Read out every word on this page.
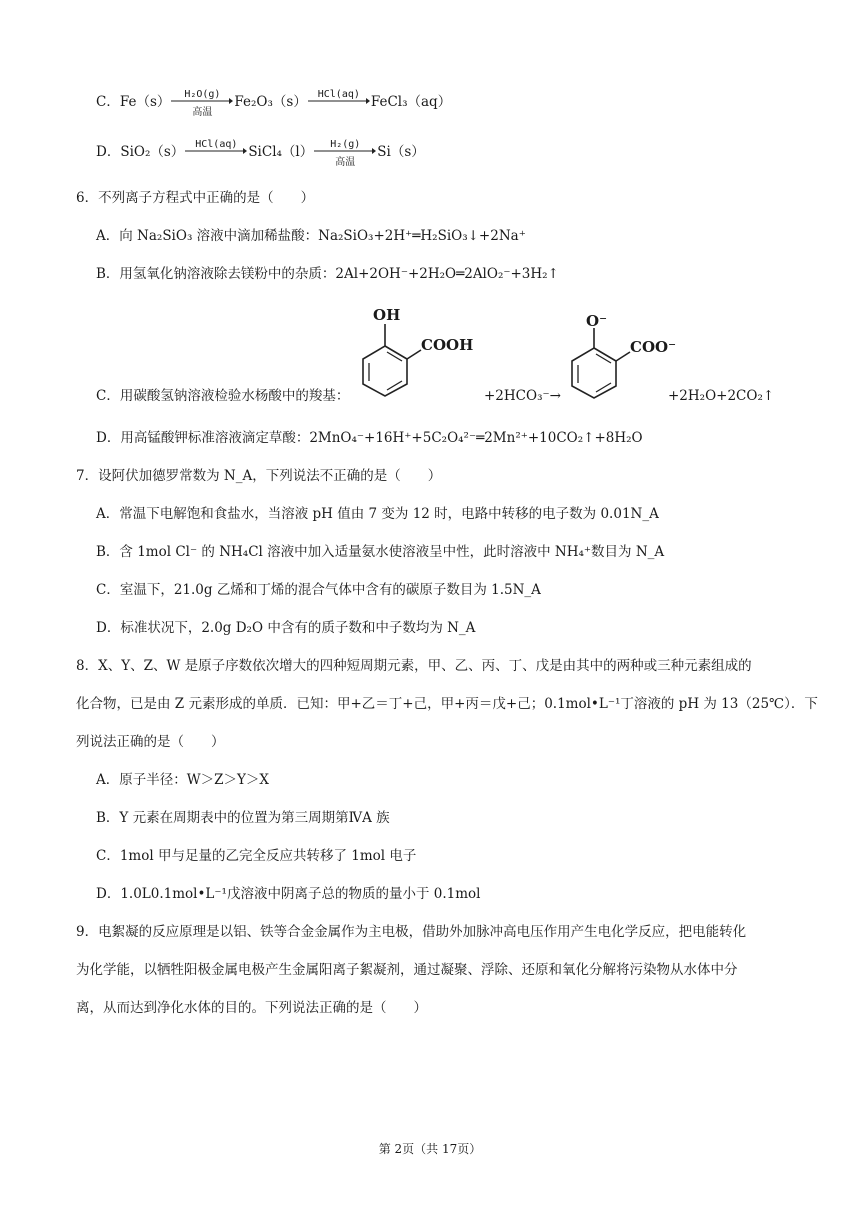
C．Fe（s）	H₂O(g)
高温
Fe₂O₃（s）	HCl(aq) FeCl₃（aq）
D．SiO₂（s）	HCl(aq) SiCl₄（l）	H₂(g)
高温
Si（s）
6．不列离子方程式中正确的是（　　）
A．向 Na₂SiO₃ 溶液中滴加稀盐酸：Na₂SiO₃+2H⁺═H₂SiO₃↓+2Na⁺
B．用氢氧化钠溶液除去镁粉中的杂质：2Al+2OH⁻+2H₂O═2AlO₂⁻+3H₂↑
OH
COOH
C．用碳酸氢钠溶液检验水杨酸中的羧基：	+2HCO₃⁻→
O⁻
COO⁻
+2H₂O+2CO₂↑
D．用高锰酸钾标准溶液滴定草酸：2MnO₄⁻+16H⁺+5C₂O₄²⁻═2Mn²⁺+10CO₂↑+8H₂O
7．设阿伏加德罗常数为 N_A，下列说法不正确的是（　　）
A．常温下电解饱和食盐水，当溶液 pH 值由 7 变为 12 时，电路中转移的电子数为 0.01N_A
B．含 1mol Cl⁻ 的 NH₄Cl 溶液中加入适量氨水使溶液呈中性，此时溶液中 NH₄⁺数目为 N_A
C．室温下，21.0g 乙烯和丁烯的混合气体中含有的碳原子数目为 1.5N_A
D．标准状况下，2.0g D₂O 中含有的质子数和中子数均为 N_A
8．X、Y、Z、W 是原子序数依次增大的四种短周期元素，甲、乙、丙、丁、戊是由其中的两种或三种元素组成的
化合物，已是由 Z 元素形成的单质．已知：甲+乙＝丁+己，甲+丙＝戊+己；0.1mol•L⁻¹丁溶液的 pH 为 13（25℃）．下
列说法正确的是（　　）
A．原子半径：W＞Z＞Y＞X
B．Y 元素在周期表中的位置为第三周期第ⅣA 族
C．1mol 甲与足量的乙完全反应共转移了 1mol 电子
D．1.0L0.1mol•L⁻¹戊溶液中阴离子总的物质的量小于 0.1mol
9．电絮凝的反应原理是以铝、铁等合金金属作为主电极，借助外加脉冲高电压作用产生电化学反应，把电能转化
为化学能，以牺牲阳极金属电极产生金属阳离子絮凝剂，通过凝聚、浮除、还原和氧化分解将污染物从水体中分
离，从而达到净化水体的目的。下列说法正确的是（　　）
第 2页（共 17页）
